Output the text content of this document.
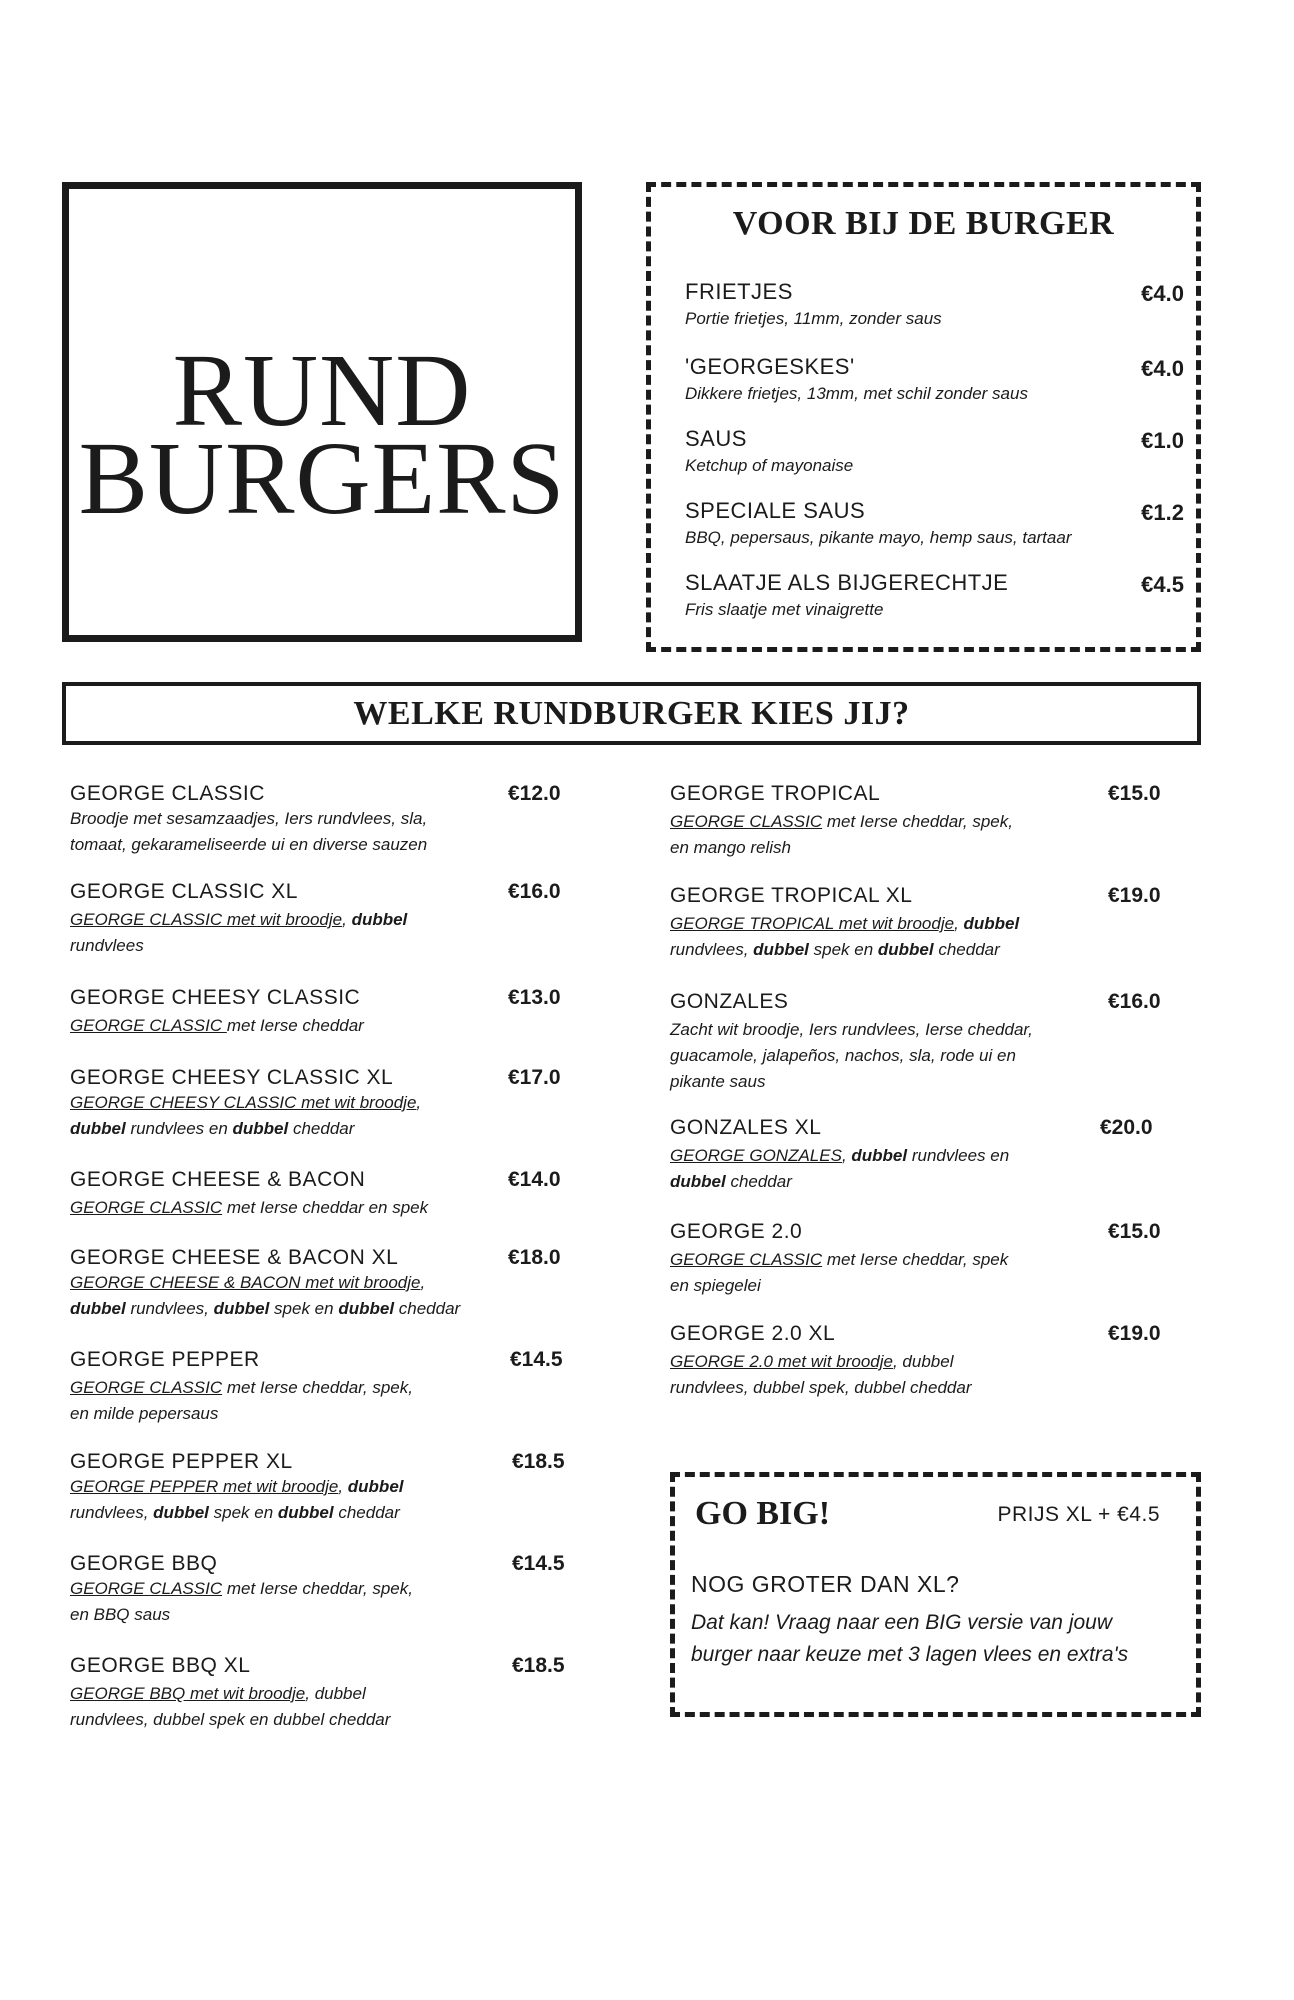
RUND
BURGERS
VOOR BIJ DE BURGER
FRIETJES	€4.0
Portie frietjes, 11mm, zonder saus
'GEORGESKES'	€4.0
Dikkere frietjes, 13mm, met schil zonder saus
SAUS	€1.0
Ketchup of mayonaise
SPECIALE SAUS	€1.2
BBQ, pepersaus, pikante mayo, hemp saus, tartaar
SLAATJE ALS BIJGERECHTJE	€4.5
Fris slaatje met vinaigrette
WELKE RUNDBURGER KIES JIJ?
GEORGE CLASSIC	€12.0
Broodje met sesamzaadjes, Iers rundvlees, sla,
tomaat, gekarameliseerde ui en diverse sauzen
GEORGE CLASSIC XL	€16.0
GEORGE CLASSIC met wit broodje, dubbel
rundvlees
GEORGE CHEESY CLASSIC	€13.0
GEORGE CLASSIC met Ierse cheddar
GEORGE CHEESY CLASSIC XL	€17.0
GEORGE CHEESY CLASSIC met wit broodje,
dubbel rundvlees en dubbel cheddar
GEORGE CHEESE & BACON	€14.0
GEORGE CLASSIC met Ierse cheddar en spek
GEORGE CHEESE & BACON XL	€18.0
GEORGE CHEESE & BACON met wit broodje,
dubbel rundvlees, dubbel spek en dubbel cheddar
GEORGE PEPPER	€14.5
GEORGE CLASSIC met Ierse cheddar, spek,
en milde pepersaus
GEORGE PEPPER XL	€18.5
GEORGE PEPPER met wit broodje, dubbel
rundvlees, dubbel spek en dubbel cheddar
GEORGE BBQ	€14.5
GEORGE CLASSIC met Ierse cheddar, spek,
en BBQ saus
GEORGE BBQ XL	€18.5
GEORGE BBQ met wit broodje, dubbel
rundvlees, dubbel spek en dubbel cheddar
GEORGE TROPICAL	€15.0
GEORGE CLASSIC met Ierse cheddar, spek,
en mango relish
GEORGE TROPICAL XL	€19.0
GEORGE TROPICAL met wit broodje, dubbel
rundvlees, dubbel spek en dubbel cheddar
GONZALES	€16.0
Zacht wit broodje, Iers rundvlees, Ierse cheddar,
guacamole, jalapeños, nachos, sla, rode ui en
pikante saus
GONZALES XL	€20.0
GEORGE GONZALES, dubbel rundvlees en
dubbel cheddar
GEORGE 2.0	€15.0
GEORGE CLASSIC met Ierse cheddar, spek
en spiegelei
GEORGE 2.0 XL	€19.0
GEORGE 2.0 met wit broodje, dubbel
rundvlees, dubbel spek, dubbel cheddar
GO BIG!	PRIJS XL + €4.5
NOG GROTER DAN XL?
Dat kan! Vraag naar een BIG versie van jouw burger naar keuze met 3 lagen vlees en extra's
